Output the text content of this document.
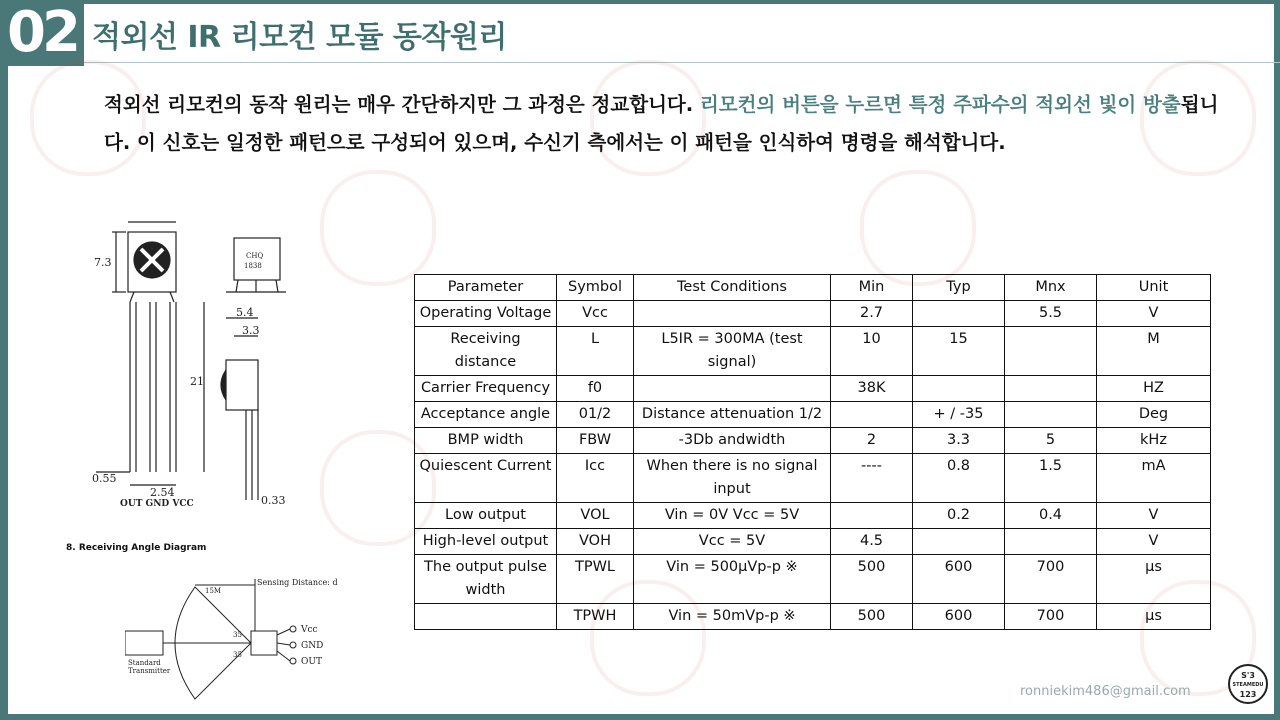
02 적외선 IR 리모컨 모듈 동작원리
적외선 리모컨의 동작 원리는 매우 간단하지만 그 과정은 정교합니다. 리모컨의 버튼을 누르면 특정 주파수의 적외선 빛이 방출됩니다. 이 신호는 일정한 패턴으로 구성되어 있으며, 수신기 측에서는 이 패턴을 인식하여 명령을 해석합니다.
7.3
5.4
3.3
21
0.55
2.54
0.33
CHQ
1838
OUT GND VCC
8. Receiving Angle Diagram
15M
35
35
Standard
Transmitter
Sensing Distance: d
Vcc
GND
OUT
Parameter	Symbol	Test Conditions	Min	Typ	Mnx	Unit
Operating Voltage	Vcc		2.7		5.5	V
Receiving distance	L	L5IR = 300MA (test signal)	10	15		M
Carrier Frequency	f0		38K			HZ
Acceptance angle	01/2	Distance attenuation 1/2		+ / -35		Deg
BMP width	FBW	-3Db andwidth	2	3.3	5	kHz
Quiescent Current	Icc	When there is no signal input	----	0.8	1.5	mA
Low output	VOL	Vin = 0V Vcc = 5V		0.2	0.4	V
High-level output	VOH	Vcc = 5V	4.5			V
The output pulse width	TPWL	Vin = 500μVp-p ※	500	600	700	μs
	TPWH	Vin = 50mVp-p ※	500	600	700	μs
ronniekim486@gmail.com
S'3
STEAMEDU
123
